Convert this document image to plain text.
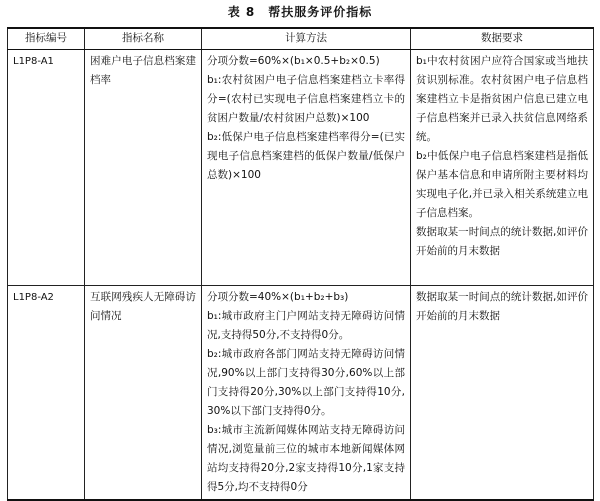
表 8　帮扶服务评价指标
指标编号	指标名称	计算方法	数据要求
L1P8-A1	困难户电子信息档案建档率	分项分数=60%×(b₁×0.5+b₂×0.5)
b₁:农村贫困户电子信息档案建档立卡率得分=(农村已实现电子信息档案建档立卡的贫困户数量/农村贫困户总数)×100
b₂:低保户电子信息档案建档率得分=(已实现电子信息档案建档的低保户数量/低保户总数)×100	b₁中农村贫困户应符合国家或当地扶贫识别标准。农村贫困户电子信息档案建档立卡是指贫困户信息已建立电子信息档案并已录入扶贫信息网络系统。
b₂中低保户电子信息档案建档是指低保户基本信息和申请所附主要材料均实现电子化,并已录入相关系统建立电子信息档案。
数据取某一时间点的统计数据,如评价开始前的月末数据

L1P8-A2	互联网残疾人无障碍访问情况	分项分数=40%×(b₁+b₂+b₃)
b₁:城市政府主门户网站支持无障碍访问情况,支持得50分,不支持得0分。
b₂:城市政府各部门网站支持无障碍访问情况,90%以上部门支持得30分,60%以上部门支持得20分,30%以上部门支持得10分,30%以下部门支持得0分。
b₃:城市主流新闻媒体网站支持无障碍访问情况,浏览量前三位的城市本地新闻媒体网站均支持得20分,2家支持得10分,1家支持得5分,均不支持得0分	数据取某一时间点的统计数据,如评价开始前的月末数据
